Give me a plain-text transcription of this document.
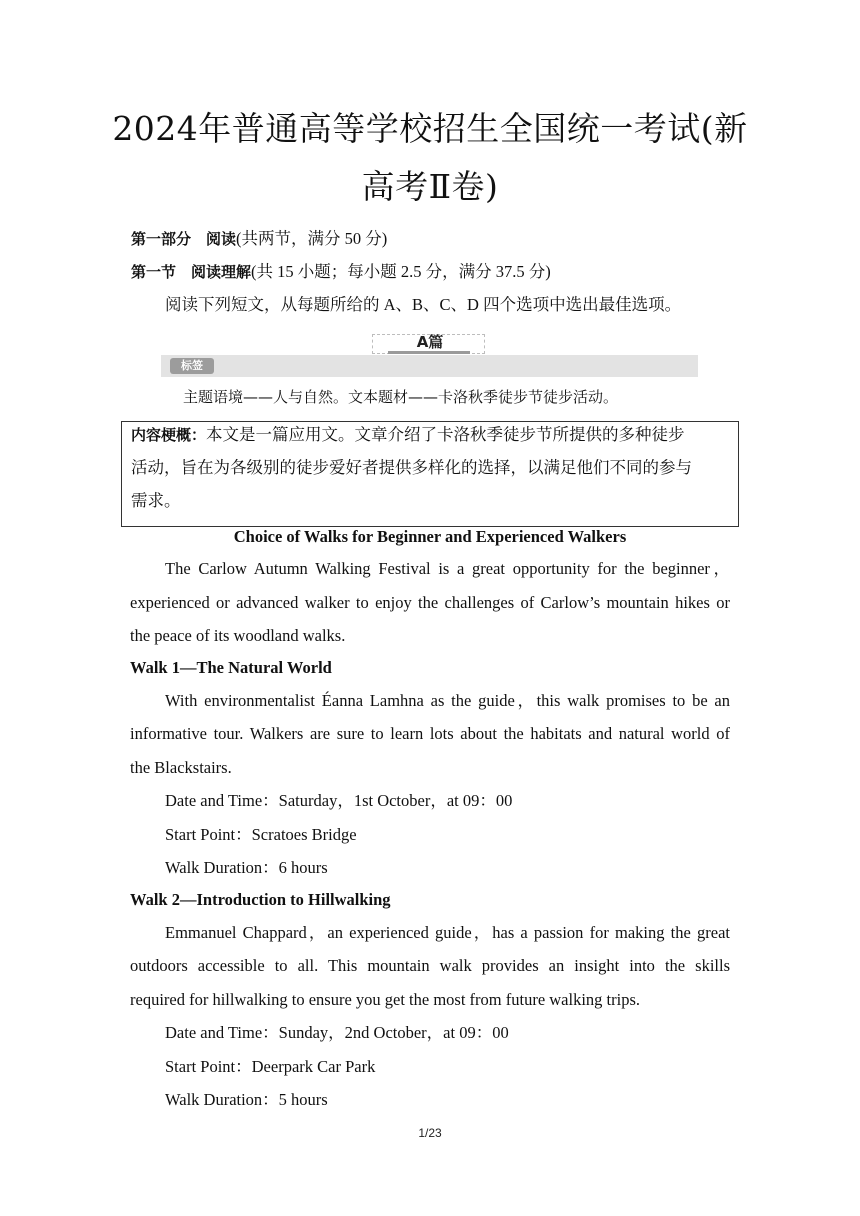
2024年普通高等学校招生全国统一考试(新
高考Ⅱ卷)
第一部分　阅读(共两节，满分 50 分)
第一节　阅读理解(共 15 小题；每小题 2.5 分，满分 37.5 分)
阅读下列短文，从每题所给的 A、B、C、D 四个选项中选出最佳选项。
A篇
标签
主题语境——人与自然。文本题材——卡洛秋季徒步节徒步活动。
内容梗概：本文是一篇应用文。文章介绍了卡洛秋季徒步节所提供的多种徒步
活动，旨在为各级别的徒步爱好者提供多样化的选择，以满足他们不同的参与
需求。
Choice of Walks for Beginner and Experienced Walkers
The Carlow Autumn Walking Festival is a great opportunity for the beginner，
experienced or advanced walker to enjoy the challenges of Carlow’s mountain hikes or
the peace of its woodland walks.
Walk 1—The Natural World
With environmentalist Éanna Lamhna as the guide，this walk promises to be an
informative tour. Walkers are sure to learn lots about the habitats and natural world of
the Blackstairs.
Date and Time：Saturday，1st October，at 09：00
Start Point：Scratoes Bridge
Walk Duration：6 hours
Walk 2—Introduction to Hillwalking
Emmanuel Chappard，an experienced guide，has a passion for making the great
outdoors accessible to all. This mountain walk provides an insight into the skills
required for hillwalking to ensure you get the most from future walking trips.
Date and Time：Sunday，2nd October，at 09：00
Start Point：Deerpark Car Park
Walk Duration：5 hours
1/23
